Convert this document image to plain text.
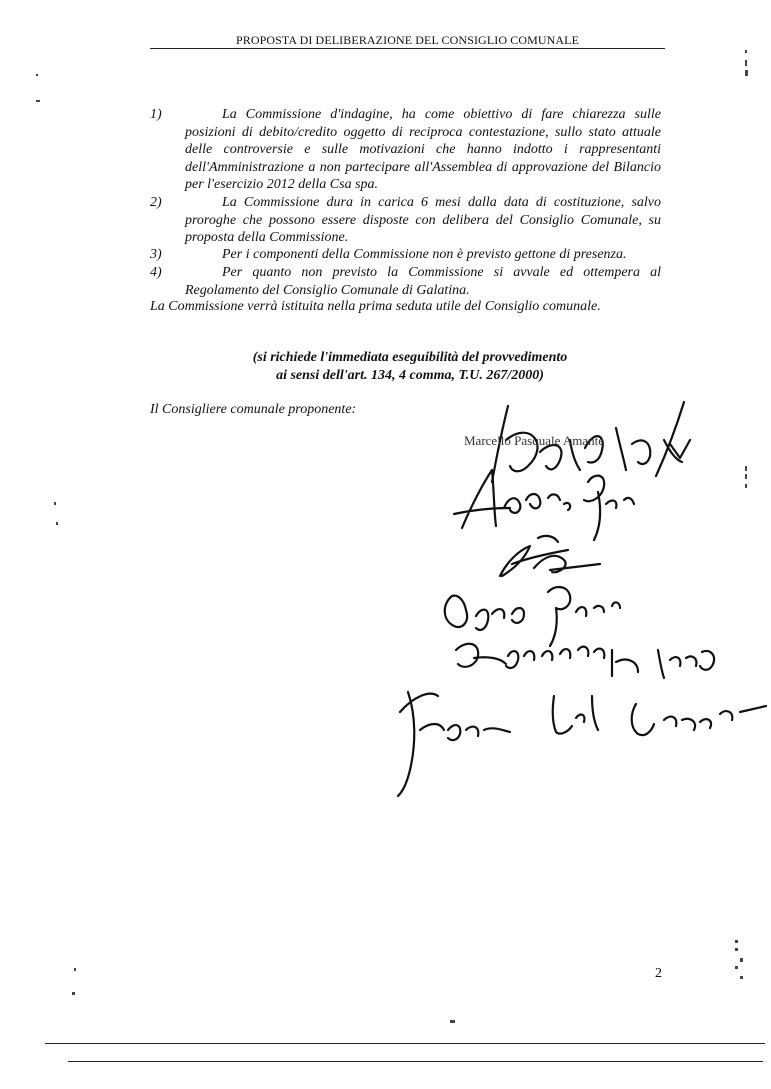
PROPOSTA DI DELIBERAZIONE DEL CONSIGLIO COMUNALE
1)	La Commissione d'indagine, ha come obiettivo di fare chiarezza sulle posizioni di debito/credito oggetto di reciproca contestazione, sullo stato attuale delle controversie e sulle motivazioni che hanno indotto i rappresentanti dell'Amministrazione a non partecipare all'Assemblea di approvazione del Bilancio per l'esercizio 2012 della Csa spa.
2)	La Commissione dura in carica 6 mesi dalla data di costituzione, salvo proroghe che possono essere disposte con delibera del Consiglio Comunale, su proposta della Commissione.
3)	Per i componenti della Commissione non è previsto gettone di presenza.
4)	Per quanto non previsto la Commissione si avvale ed ottempera al Regolamento del Consiglio Comunale di Galatina.
La Commissione verrà istituita nella prima seduta utile del Consiglio comunale.
(si richiede l'immediata eseguibilità del provvedimento
ai sensi dell'art. 134, 4 comma, T.U. 267/2000)
Il Consigliere comunale proponente:
Marcello Pasquale Amante
2
